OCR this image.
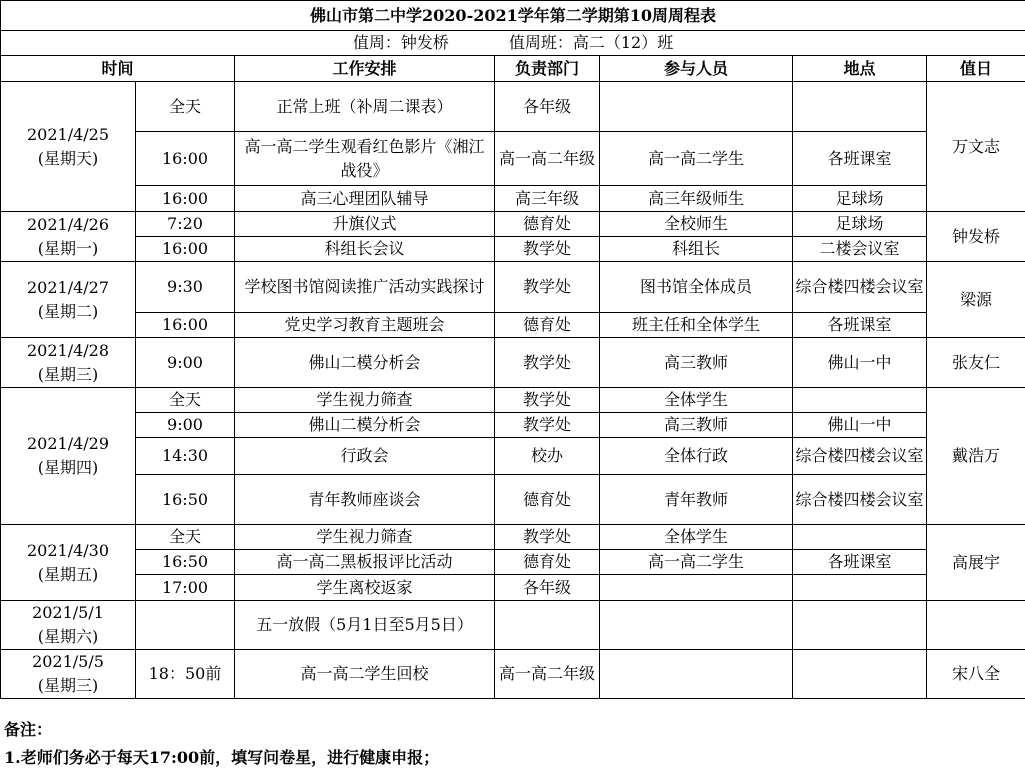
佛山市第二中学2020-2021学年第二学期第10周周程表						
值周：钟发桥 值周班：高二（12）班						
时间		工作安排	负责部门	参与人员	地点	值日

2021/4/25
(星期天)	全天	正常上班（补周二课表）	各年级			万文志
	16:00	高一高二学生观看红色影片《湘江战役》	高一高二年级	高一高二学生	各班课室	
	16:00	高三心理团队辅导	高三年级	高三年级师生	足球场	

2021/4/26
(星期一)	7:20	升旗仪式	德育处	全校师生	足球场	钟发桥
	16:00	科组长会议	教学处	科组长	二楼会议室	

2021/4/27
(星期二)	9:30	学校图书馆阅读推广活动实践探讨	教学处	图书馆全体成员	综合楼四楼会议室	梁源
	16:00	党史学习教育主题班会	德育处	班主任和全体学生	各班课室	

2021/4/28
(星期三)	9:00	佛山二模分析会	教学处	高三教师	佛山一中	张友仁

2021/4/29
(星期四)	全天	学生视力筛查	教学处	全体学生		戴浩万
	9:00	佛山二模分析会	教学处	高三教师	佛山一中	
	14:30	行政会	校办	全体行政	综合楼四楼会议室	
	16:50	青年教师座谈会	德育处	青年教师	综合楼四楼会议室	

2021/4/30
(星期五)	全天	学生视力筛查	教学处	全体学生		高展宇
	16:50	高一高二黑板报评比活动	德育处	高一高二学生	各班课室	
	17:00	学生离校返家	各年级			

2021/5/1
(星期六)		五一放假（5月1日至5月5日）				

2021/5/5
(星期三)	18：50前	高一高二学生回校	高一高二年级			宋八全
备注：
1.老师们务必于每天17:00前，填写问卷星，进行健康申报；
